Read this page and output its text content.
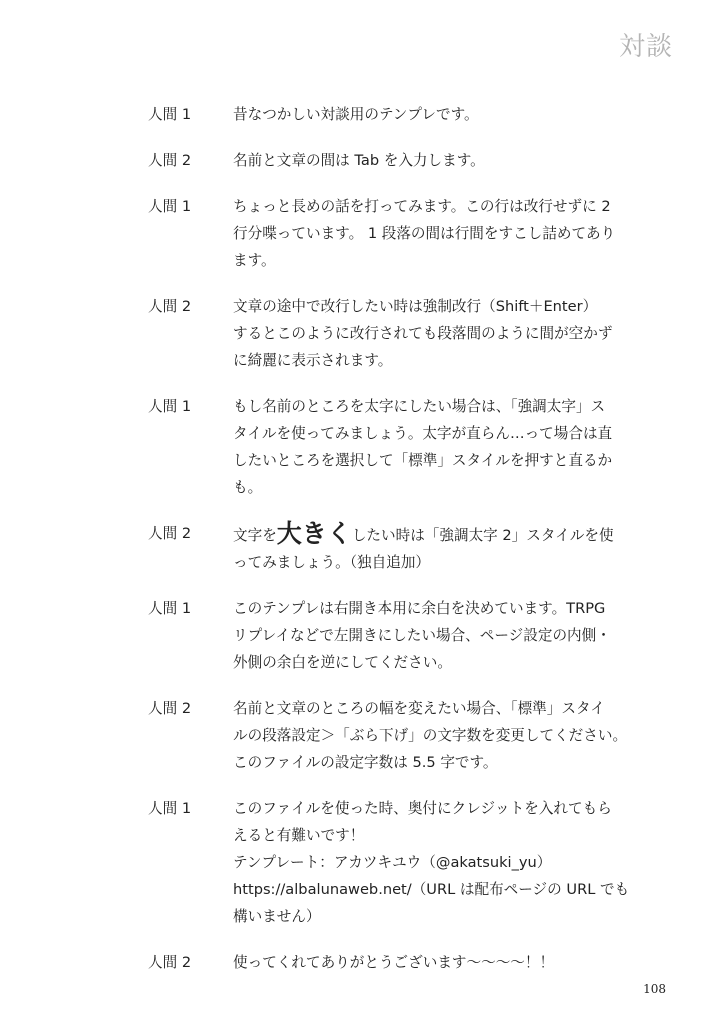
対談
人間 1	昔なつかしい対談用のテンプレです。
人間 2	名前と文章の間は Tab を入力します。
人間 1	ちょっと長めの話を打ってみます。この行は改行せずに 2
行分喋っています。 1 段落の間は行間をすこし詰めてあり
ます。
人間 2	文章の途中で改行したい時は強制改行（Shift＋Enter）
するとこのように改行されても段落間のように間が空かず
に綺麗に表示されます。
人間 1	もし名前のところを太字にしたい場合は、「強調太字」ス
タイルを使ってみましょう。太字が直らん…って場合は直
したいところを選択して「標準」スタイルを押すと直るか
も。
人間 2	文字を大きくしたい時は「強調太字 2」スタイルを使
ってみましょう。（独自追加）
人間 1	このテンプレは右開き本用に余白を決めています。TRPG
リプレイなどで左開きにしたい場合、ページ設定の内側・
外側の余白を逆にしてください。
人間 2	名前と文章のところの幅を変えたい場合、「標準」スタイ
ルの段落設定＞「ぶら下げ」の文字数を変更してください。
このファイルの設定字数は 5.5 字です。
人間 1	このファイルを使った時、奥付にクレジットを入れてもら
えると有難いです！
テンプレート：アカツキユウ（@akatsuki_yu）
https://albalunaweb.net/（URL は配布ページの URL でも
構いません）
人間 2	使ってくれてありがとうございます〜〜〜〜！！
108
